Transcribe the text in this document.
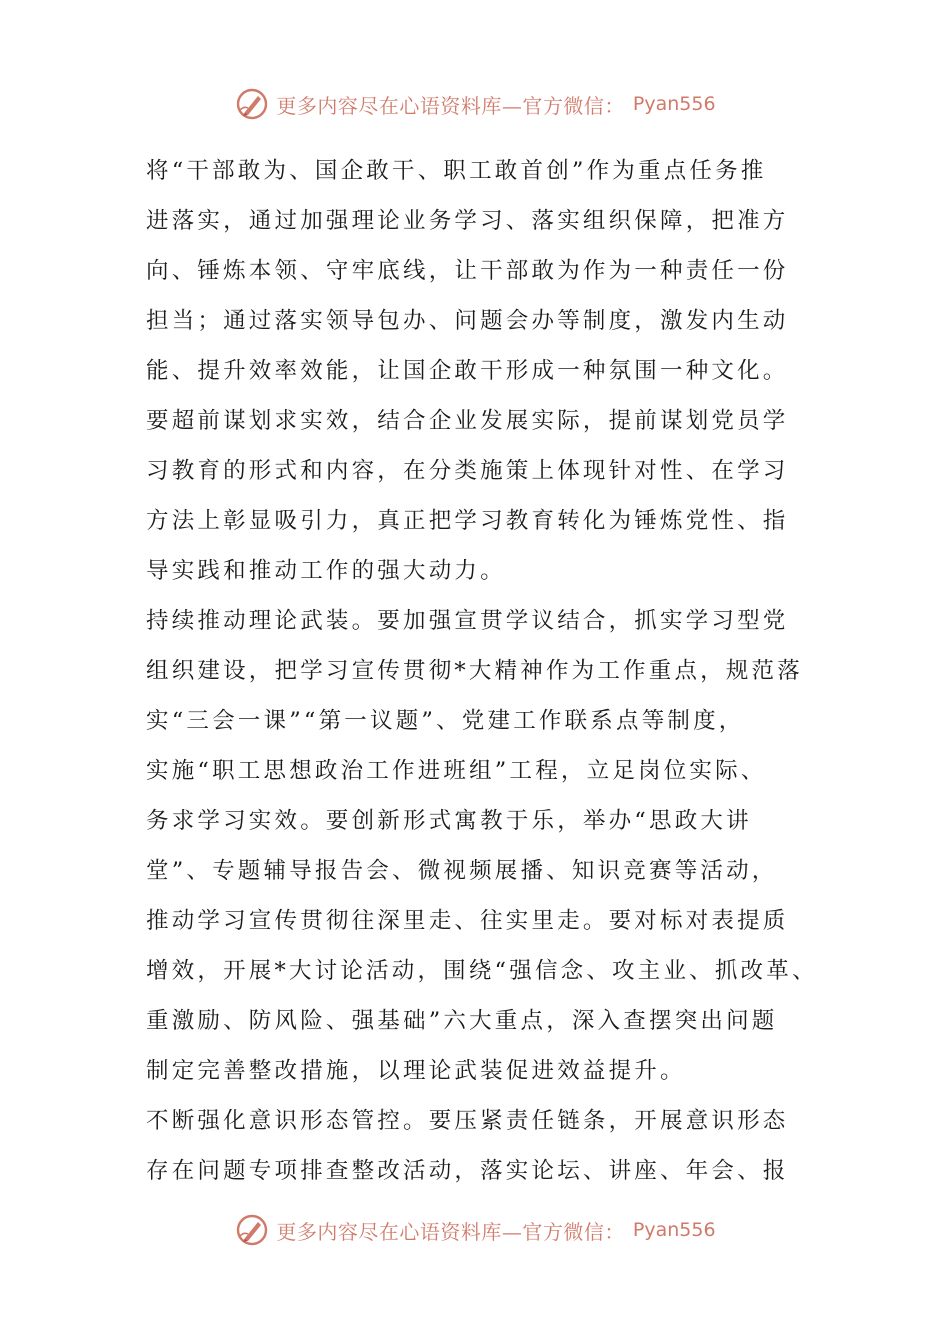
更多内容尽在心语资料库—官方微信： Pyan556
将“干部敢为、国企敢干、职工敢首创”作为重点任务推
进落实，通过加强理论业务学习、落实组织保障，把准方
向、锤炼本领、守牢底线，让干部敢为作为一种责任一份
担当；通过落实领导包办、问题会办等制度，激发内生动
能、提升效率效能，让国企敢干形成一种氛围一种文化。
要超前谋划求实效，结合企业发展实际，提前谋划党员学
习教育的形式和内容，在分类施策上体现针对性、在学习
方法上彰显吸引力，真正把学习教育转化为锤炼党性、指
导实践和推动工作的强大动力。
持续推动理论武装。要加强宣贯学议结合，抓实学习型党
组织建设，把学习宣传贯彻*大精神作为工作重点，规范落
实“三会一课”“第一议题”、党建工作联系点等制度，
实施“职工思想政治工作进班组”工程，立足岗位实际、
务求学习实效。要创新形式寓教于乐，举办“思政大讲
堂”、专题辅导报告会、微视频展播、知识竞赛等活动，
推动学习宣传贯彻往深里走、往实里走。要对标对表提质
增效，开展*大讨论活动，围绕“强信念、攻主业、抓改革、
重激励、防风险、强基础”六大重点，深入查摆突出问题
制定完善整改措施，以理论武装促进效益提升。
不断强化意识形态管控。要压紧责任链条，开展意识形态
存在问题专项排查整改活动，落实论坛、讲座、年会、报
更多内容尽在心语资料库—官方微信： Pyan556
